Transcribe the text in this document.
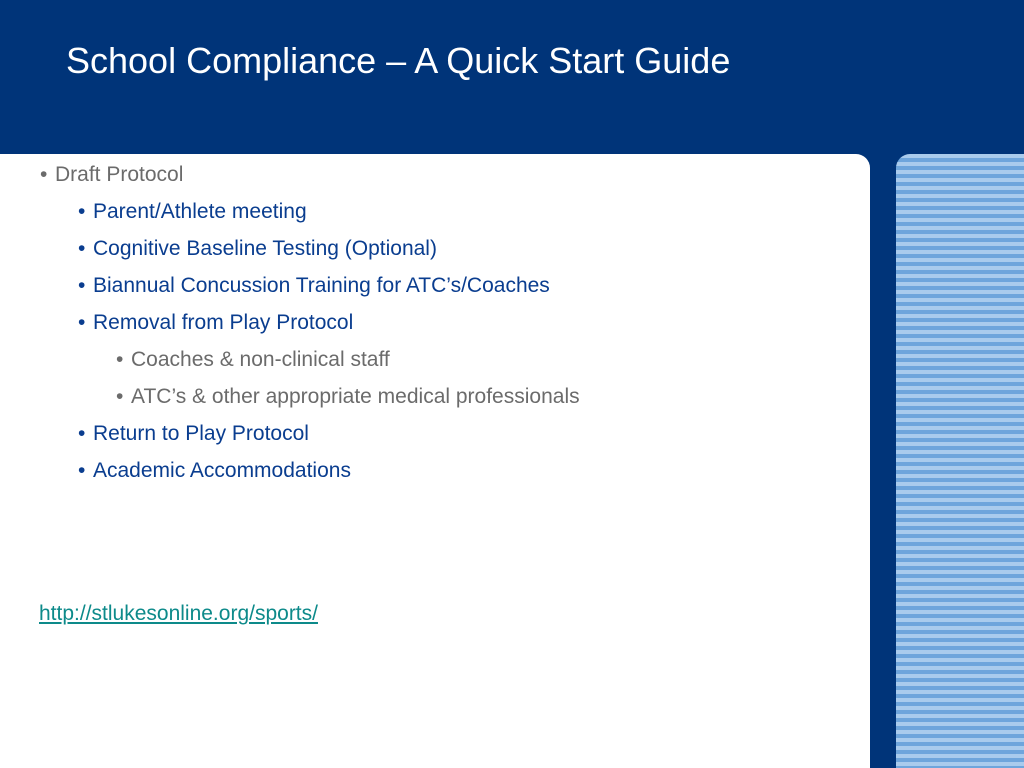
School Compliance – A Quick Start Guide
• Draft Protocol
• Parent/Athlete meeting
• Cognitive Baseline Testing (Optional)
• Biannual Concussion Training for ATC’s/Coaches
• Removal from Play Protocol
• Coaches & non-clinical staff
• ATC’s & other appropriate medical professionals
• Return to Play Protocol
• Academic Accommodations
http://stlukesonline.org/sports/
